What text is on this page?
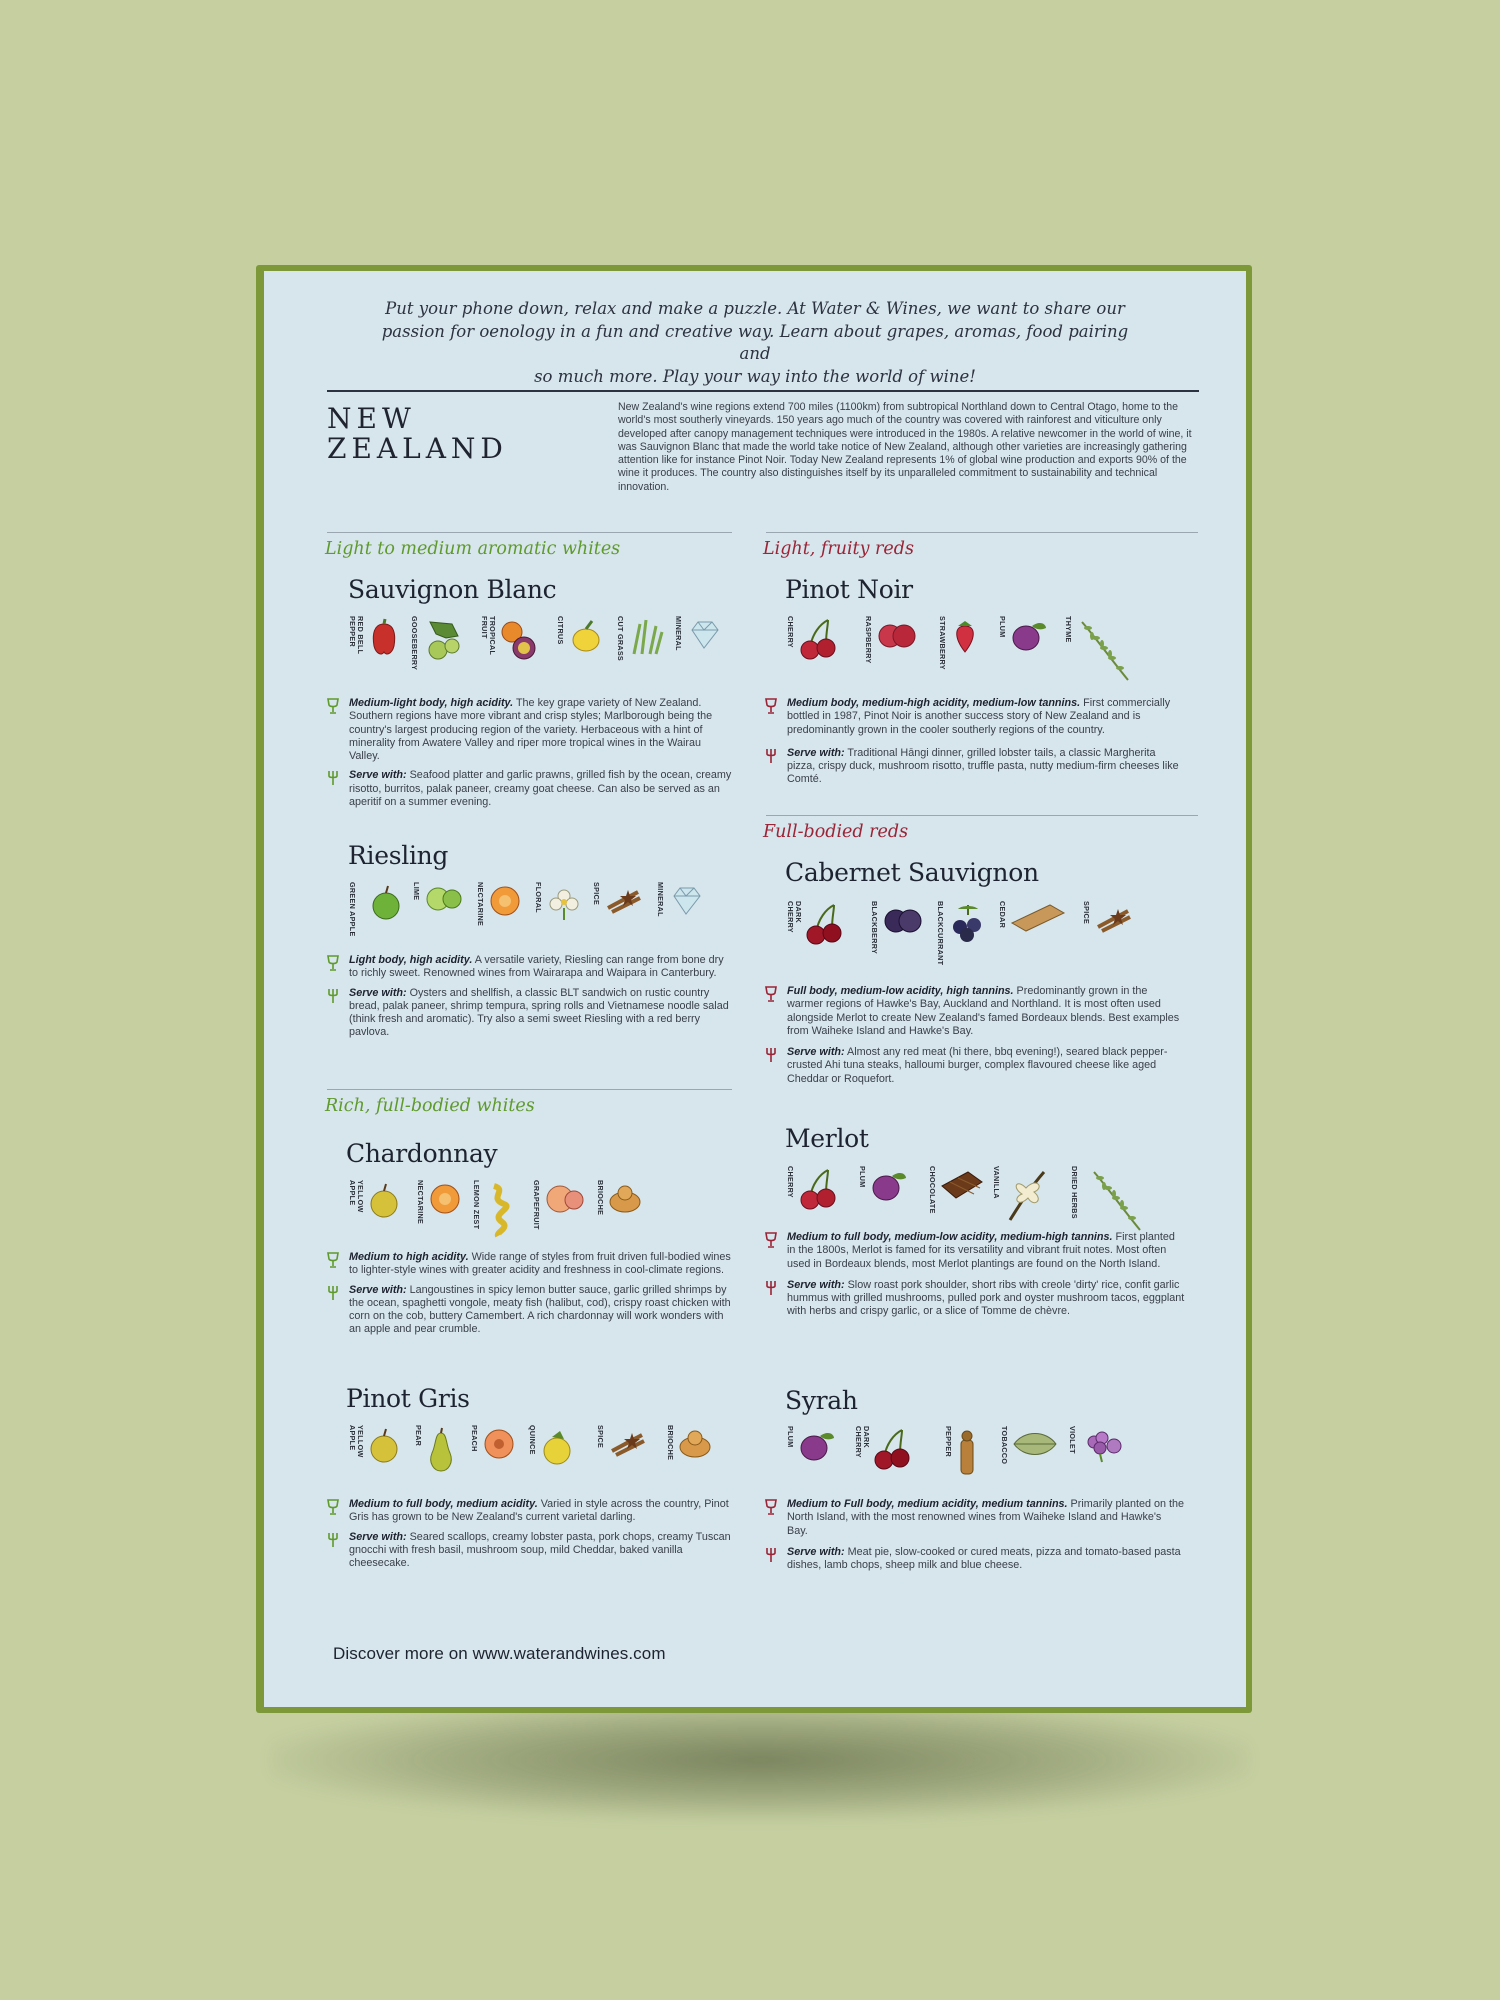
Put your phone down, relax and make a puzzle. At Water & Wines, we want to share our
passion for oenology in a fun and creative way. Learn about grapes, aromas, food pairing and
so much more. Play your way into the world of wine!
NEW
ZEALAND
New Zealand's wine regions extend 700 miles (1100km) from subtropical Northland down to Central Otago, home to the world's most southerly vineyards. 150 years ago much of the country was covered with rainforest and viticulture only developed after canopy management techniques were introduced in the 1980s. A relative newcomer in the world of wine, it was Sauvignon Blanc that made the world take notice of New Zealand, although other varieties are increasingly gathering attention like for instance Pinot Noir. Today New Zealand represents 1% of global wine production and exports 90% of the wine it produces. The country also distinguishes itself by its unparalleled commitment to sustainability and technical innovation.
Light to medium aromatic whites
Sauvignon Blanc
RED BELL PEPPER	GOOSEBERRY	TROPICAL FRUIT	CITRUS	CUT GRASS	MINERAL

Medium-light body, high acidity. The key grape variety of New Zealand. Southern regions have more vibrant and crisp styles; Marlborough being the country's largest producing region of the variety. Herbaceous with a hint of minerality from Awatere Valley and riper more tropical wines in the Wairau Valley.

Serve with: Seafood platter and garlic prawns, grilled fish by the ocean, creamy risotto, burritos, palak paneer, creamy goat cheese. Can also be served as an aperitif on a summer evening.

Riesling
GREEN APPLE	LIME	NECTARINE	FLORAL	SPICE	MINERAL

Light body, high acidity. A versatile variety, Riesling can range from bone dry to richly sweet. Renowned wines from Wairarapa and Waipara in Canterbury.

Serve with: Oysters and shellfish, a classic BLT sandwich on rustic country bread, palak paneer, shrimp tempura, spring rolls and Vietnamese noodle salad (think fresh and aromatic). Try also a semi sweet Riesling with a red berry pavlova.

Rich, full-bodied whites
Chardonnay
YELLOW APPLE	NECTARINE	LEMON ZEST	GRAPEFRUIT	BRIOCHE

Medium to high acidity. Wide range of styles from fruit driven full-bodied wines to lighter-style wines with greater acidity and freshness in cool-climate regions.

Serve with: Langoustines in spicy lemon butter sauce, garlic grilled shrimps by the ocean, spaghetti vongole, meaty fish (halibut, cod), crispy roast chicken with corn on the cob, buttery Camembert. A rich chardonnay will work wonders with an apple and pear crumble.

Pinot Gris
YELLOW APPLE	PEAR	PEACH	QUINCE	SPICE	BRIOCHE

Medium to full body, medium acidity. Varied in style across the country, Pinot Gris has grown to be New Zealand's current varietal darling.

Serve with: Seared scallops, creamy lobster pasta, pork chops, creamy Tuscan gnocchi with fresh basil, mushroom soup, mild Cheddar, baked vanilla cheesecake.

Light, fruity reds
Pinot Noir
CHERRY	RASPBERRY	STRAWBERRY	PLUM	THYME

Medium body, medium-high acidity, medium-low tannins. First commercially bottled in 1987, Pinot Noir is another success story of New Zealand and is predominantly grown in the cooler southerly regions of the country.

Serve with: Traditional Hāngi dinner, grilled lobster tails, a classic Margherita pizza, crispy duck, mushroom risotto, truffle pasta, nutty medium-firm cheeses like Comté.

Full-bodied reds
Cabernet Sauvignon
DARK CHERRY	BLACKBERRY	BLACKCURRANT	CEDAR	SPICE

Full body, medium-low acidity, high tannins. Predominantly grown in the warmer regions of Hawke's Bay, Auckland and Northland. It is most often used alongside Merlot to create New Zealand's famed Bordeaux blends. Best examples from Waiheke Island and Hawke's Bay.

Serve with: Almost any red meat (hi there, bbq evening!), seared black pepper-crusted Ahi tuna steaks, halloumi burger, complex flavoured cheese like aged Cheddar or Roquefort.

Merlot
CHERRY	PLUM	CHOCOLATE	VANILLA	DRIED HERBS

Medium to full body, medium-low acidity, medium-high tannins. First planted in the 1800s, Merlot is famed for its versatility and vibrant fruit notes. Most often used in Bordeaux blends, most Merlot plantings are found on the North Island.

Serve with: Slow roast pork shoulder, short ribs with creole 'dirty' rice, confit garlic hummus with grilled mushrooms, pulled pork and oyster mushroom tacos, eggplant with herbs and crispy garlic, or a slice of Tomme de chèvre.

Syrah
PLUM	DARK CHERRY	PEPPER	TOBACCO	VIOLET

Medium to Full body, medium acidity, medium tannins. Primarily planted on the North Island, with the most renowned wines from Waiheke Island and Hawke's Bay.

Serve with: Meat pie, slow-cooked or cured meats, pizza and tomato-based pasta dishes, lamb chops, sheep milk and blue cheese.

Discover more on www.waterandwines.com
